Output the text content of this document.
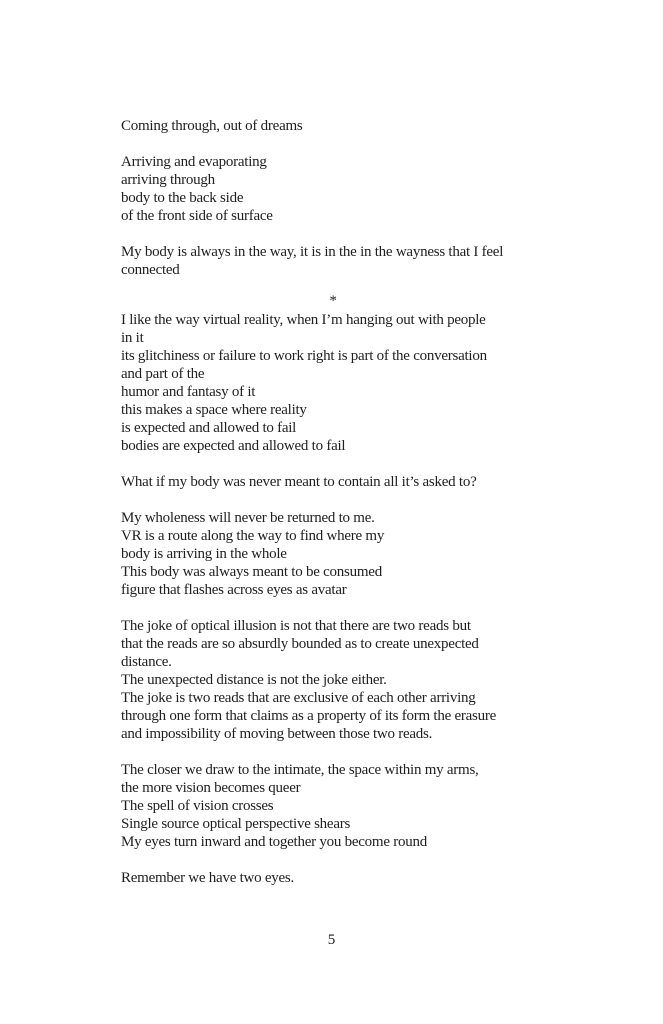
Coming through, out of dreams
Arriving and evaporating
arriving through
body to the back side
of the front side of surface
My body is always in the way, it is in the in the wayness that I feel
connected
*
I like the way virtual reality, when I’m hanging out with people
in it
its glitchiness or failure to work right is part of the conversation
and part of the
humor and fantasy of it
this makes a space where reality
is expected and allowed to fail
bodies are expected and allowed to fail
What if my body was never meant to contain all it’s asked to?
My wholeness will never be returned to me.
VR is a route along the way to find where my
body is arriving in the whole
This body was always meant to be consumed
figure that flashes across eyes as avatar
The joke of optical illusion is not that there are two reads but
that the reads are so absurdly bounded as to create unexpected
distance.
The unexpected distance is not the joke either.
The joke is two reads that are exclusive of each other arriving
through one form that claims as a property of its form the erasure
and impossibility of moving between those two reads.
The closer we draw to the intimate, the space within my arms,
the more vision becomes queer
The spell of vision crosses
Single source optical perspective shears
My eyes turn inward and together you become round
Remember we have two eyes.
5
